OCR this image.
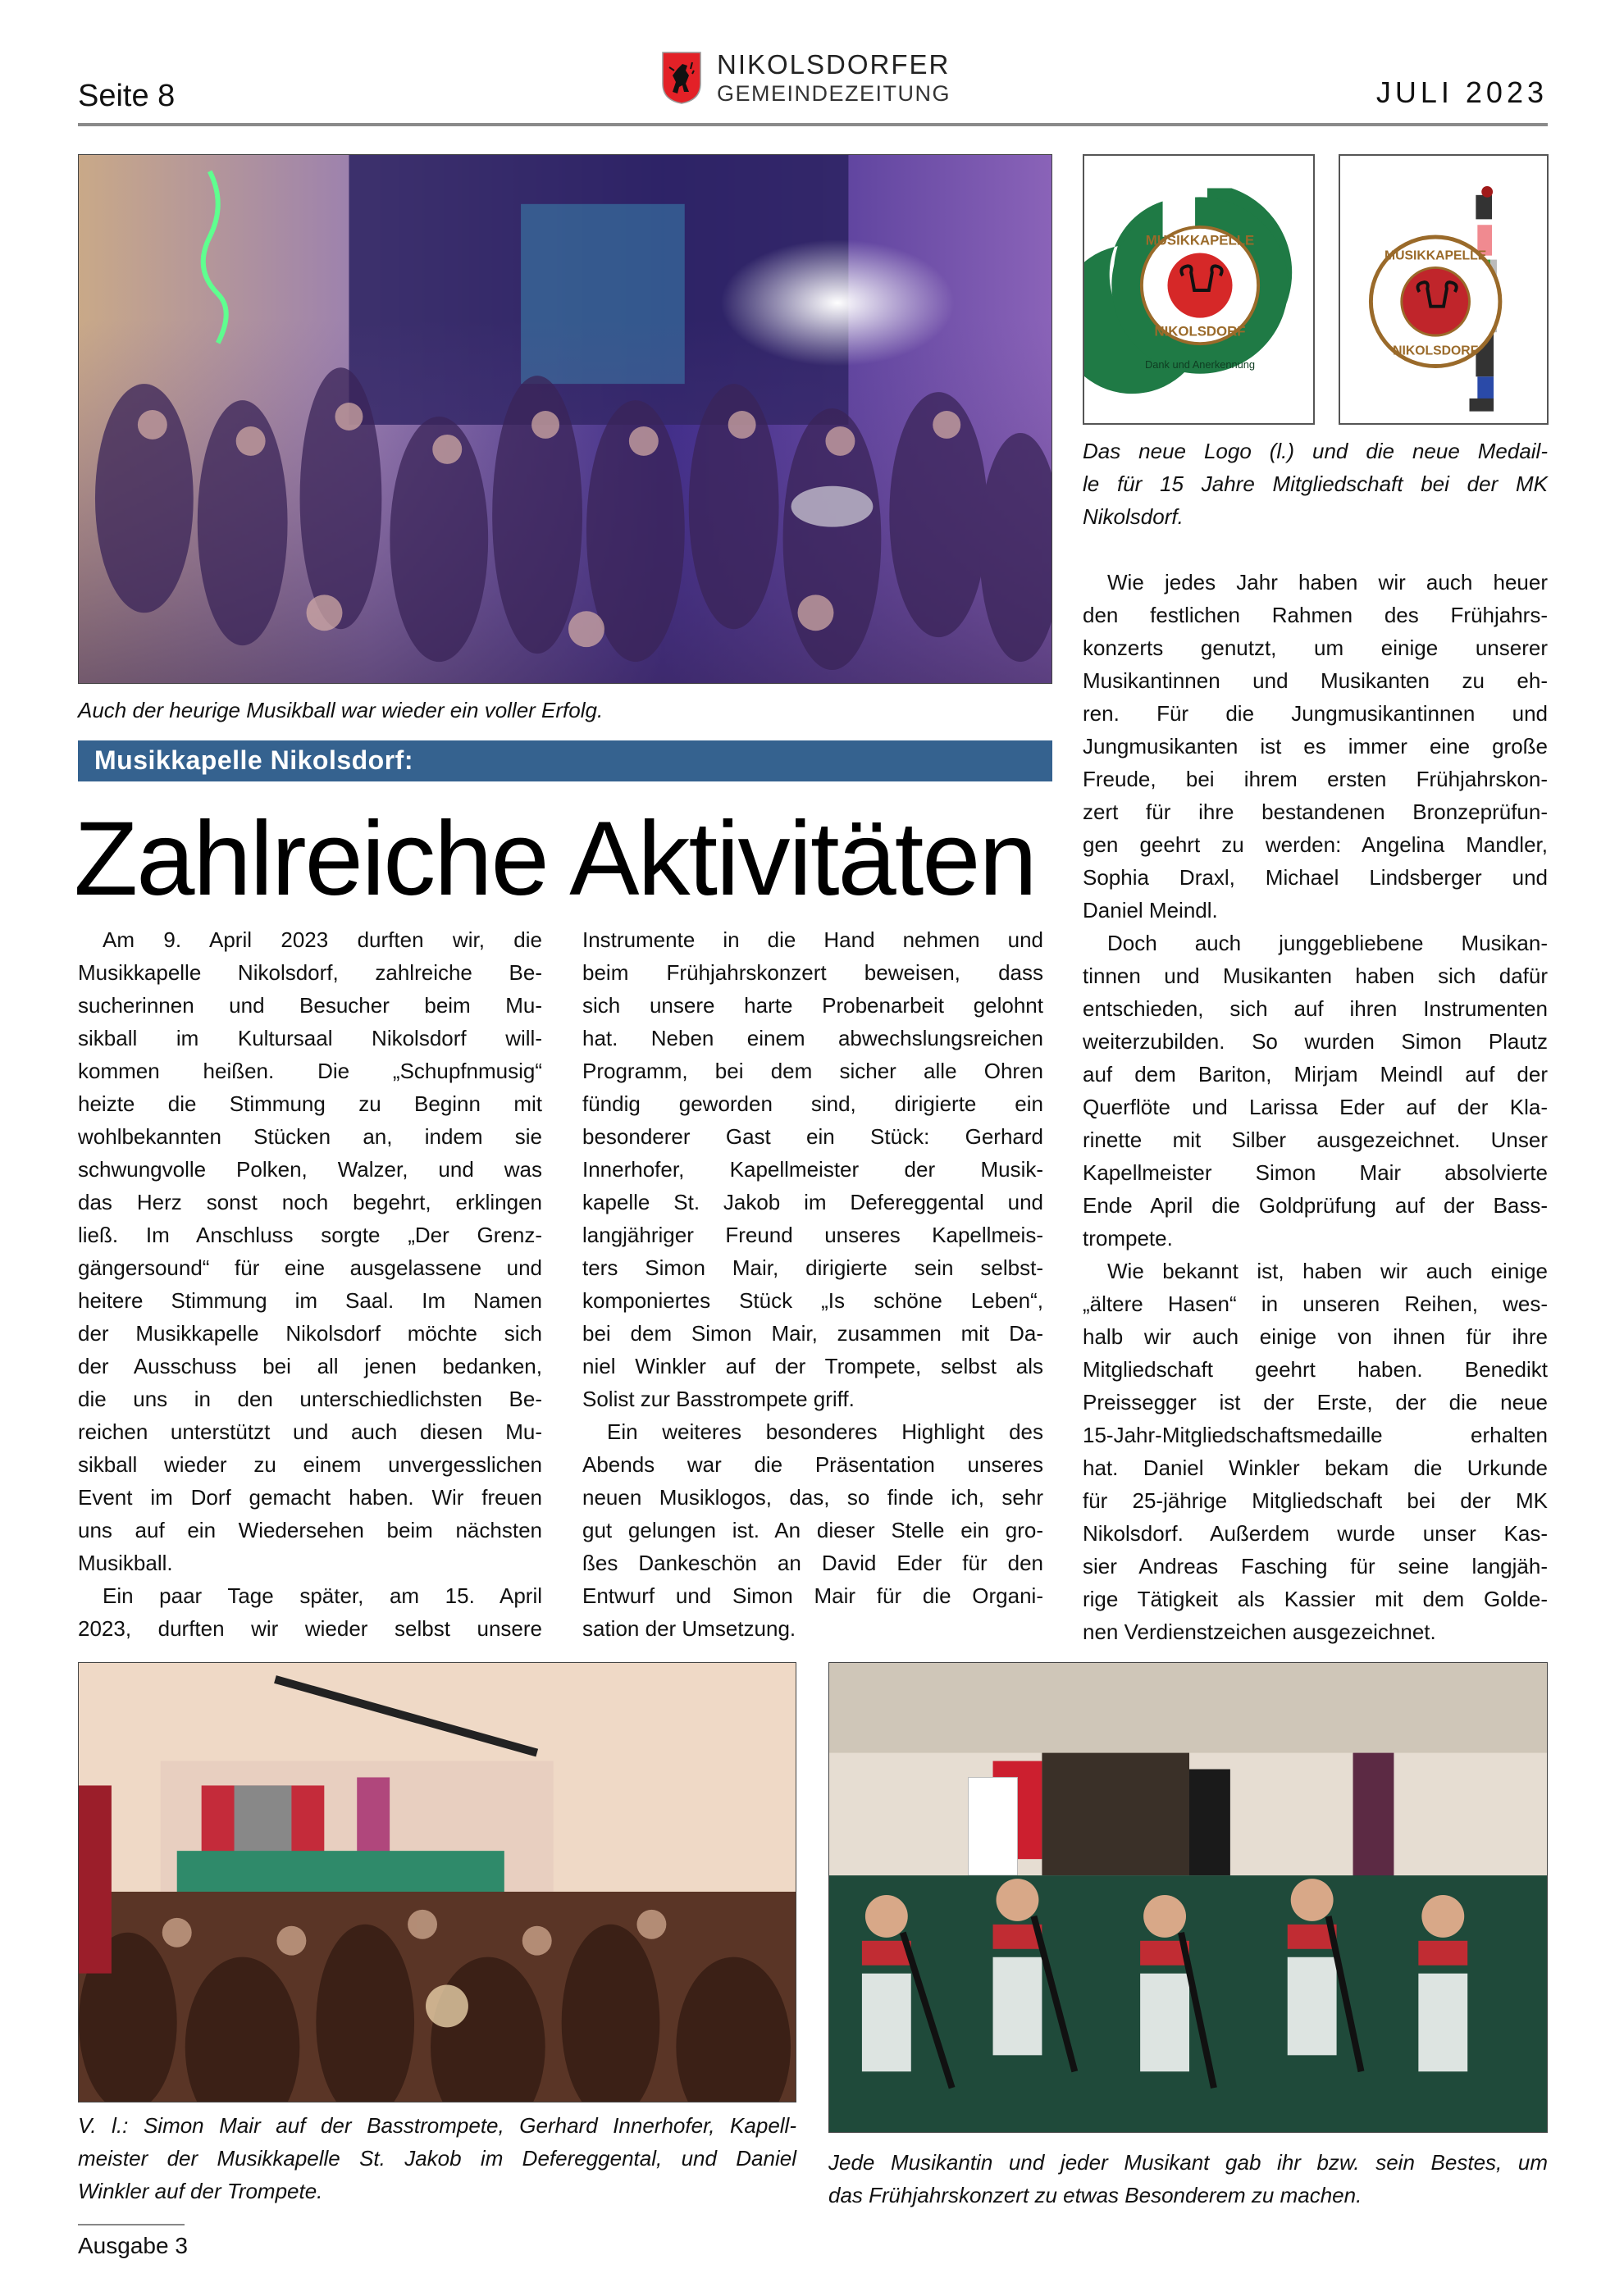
Seite 8
NIKOLSDORFER
GEMEINDEZEITUNG	JULI 2023
Auch der heurige Musikball war wieder ein voller Erfolg.
MUSIKKAPELLE
NIKOLSDORF
Dank und Anerkennung
MUSIKKAPELLE
NIKOLSDORF
Das neue Logo (l.) und die neue Medail-
le für 15 Jahre Mitgliedschaft bei der MK
Nikolsdorf.
Musikkapelle Nikolsdorf:
Zahlreiche Aktivitäten
Am 9. April 2023 durften wir, die
Musikkapelle Nikolsdorf, zahlreiche Be-
sucherinnen und Besucher beim Mu-
sikball im Kultursaal Nikolsdorf will-
kommen heißen. Die „Schupfnmusig“
heizte die Stimmung zu Beginn mit
wohlbekannten Stücken an, indem sie
schwungvolle Polken, Walzer, und was
das Herz sonst noch begehrt, erklingen
ließ. Im Anschluss sorgte „Der Grenz-
gängersound“ für eine ausgelassene und
heitere Stimmung im Saal. Im Namen
der Musikkapelle Nikolsdorf möchte sich
der Ausschuss bei all jenen bedanken,
die uns in den unterschiedlichsten Be-
reichen unterstützt und auch diesen Mu-
sikball wieder zu einem unvergesslichen
Event im Dorf gemacht haben. Wir freuen
uns auf ein Wiedersehen beim nächsten
Musikball.
Ein paar Tage später, am 15. April
2023, durften wir wieder selbst unsere
Instrumente in die Hand nehmen und
beim Frühjahrskonzert beweisen, dass
sich unsere harte Probenarbeit gelohnt
hat. Neben einem abwechslungsreichen
Programm, bei dem sicher alle Ohren
fündig geworden sind, dirigierte ein
besonderer Gast ein Stück: Gerhard
Innerhofer, Kapellmeister der Musik-
kapelle St. Jakob im Defereggental und
langjähriger Freund unseres Kapellmeis-
ters Simon Mair, dirigierte sein selbst-
komponiertes Stück „Is schöne Leben“,
bei dem Simon Mair, zusammen mit Da-
niel Winkler auf der Trompete, selbst als
Solist zur Basstrompete griff.
Ein weiteres besonderes Highlight des
Abends war die Präsentation unseres
neuen Musiklogos, das, so finde ich, sehr
gut gelungen ist. An dieser Stelle ein gro-
ßes Dankeschön an David Eder für den
Entwurf und Simon Mair für die Organi-
sation der Umsetzung.
Wie jedes Jahr haben wir auch heuer
den festlichen Rahmen des Frühjahrs-
konzerts genutzt, um einige unserer
Musikantinnen und Musikanten zu eh-
ren. Für die Jungmusikantinnen und
Jungmusikanten ist es immer eine große
Freude, bei ihrem ersten Frühjahrskon-
zert für ihre bestandenen Bronzeprüfun-
gen geehrt zu werden: Angelina Mandler,
Sophia Draxl, Michael Lindsberger und
Daniel Meindl.
Doch auch junggebliebene Musikan-
tinnen und Musikanten haben sich dafür
entschieden, sich auf ihren Instrumenten
weiterzubilden. So wurden Simon Plautz
auf dem Bariton, Mirjam Meindl auf der
Querflöte und Larissa Eder auf der Kla-
rinette mit Silber ausgezeichnet. Unser
Kapellmeister Simon Mair absolvierte
Ende April die Goldprüfung auf der Bass-
trompete.
Wie bekannt ist, haben wir auch einige
„ältere Hasen“ in unseren Reihen, wes-
halb wir auch einige von ihnen für ihre
Mitgliedschaft geehrt haben. Benedikt
Preissegger ist der Erste, der die neue
15-Jahr-Mitgliedschaftsmedaille erhalten
hat. Daniel Winkler bekam die Urkunde
für 25-jährige Mitgliedschaft bei der MK
Nikolsdorf. Außerdem wurde unser Kas-
sier Andreas Fasching für seine langjäh-
rige Tätigkeit als Kassier mit dem Golde-
nen Verdienstzeichen ausgezeichnet.
V. l.: Simon Mair auf der Basstrompete, Gerhard Innerhofer, Kapell-
meister der Musikkapelle St. Jakob im Defereggental, und Daniel
Winkler auf der Trompete.
Jede Musikantin und jeder Musikant gab ihr bzw. sein Bestes, um
das Frühjahrskonzert zu etwas Besonderem zu machen.
Ausgabe 3
